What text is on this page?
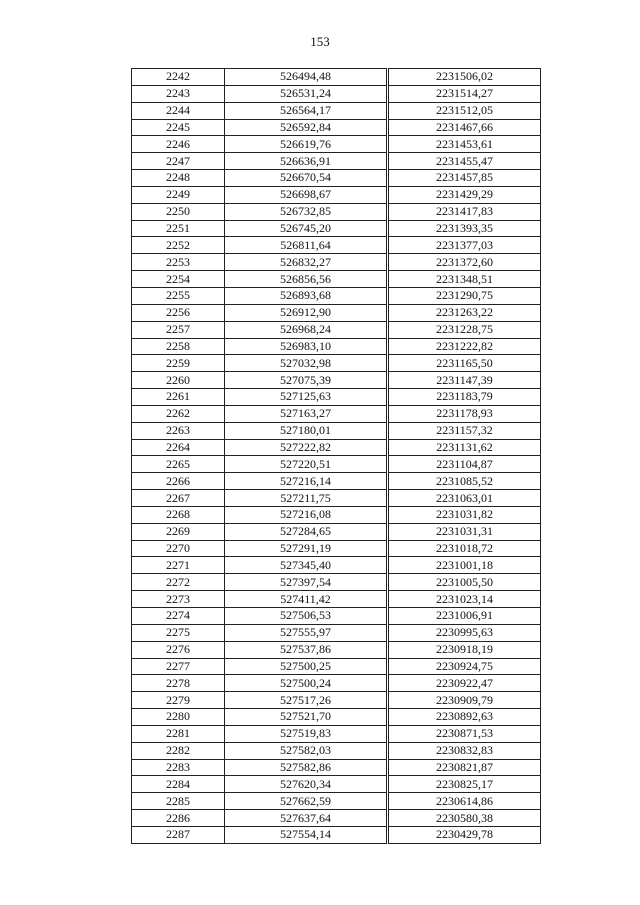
153
2242	526494,48	2231506,02
2243	526531,24	2231514,27
2244	526564,17	2231512,05
2245	526592,84	2231467,66
2246	526619,76	2231453,61
2247	526636,91	2231455,47
2248	526670,54	2231457,85
2249	526698,67	2231429,29
2250	526732,85	2231417,83
2251	526745,20	2231393,35
2252	526811,64	2231377,03
2253	526832,27	2231372,60
2254	526856,56	2231348,51
2255	526893,68	2231290,75
2256	526912,90	2231263,22
2257	526968,24	2231228,75
2258	526983,10	2231222,82
2259	527032,98	2231165,50
2260	527075,39	2231147,39
2261	527125,63	2231183,79
2262	527163,27	2231178,93
2263	527180,01	2231157,32
2264	527222,82	2231131,62
2265	527220,51	2231104,87
2266	527216,14	2231085,52
2267	527211,75	2231063,01
2268	527216,08	2231031,82
2269	527284,65	2231031,31
2270	527291,19	2231018,72
2271	527345,40	2231001,18
2272	527397,54	2231005,50
2273	527411,42	2231023,14
2274	527506,53	2231006,91
2275	527555,97	2230995,63
2276	527537,86	2230918,19
2277	527500,25	2230924,75
2278	527500,24	2230922,47
2279	527517,26	2230909,79
2280	527521,70	2230892,63
2281	527519,83	2230871,53
2282	527582,03	2230832,83
2283	527582,86	2230821,87
2284	527620,34	2230825,17
2285	527662,59	2230614,86
2286	527637,64	2230580,38
2287	527554,14	2230429,78
